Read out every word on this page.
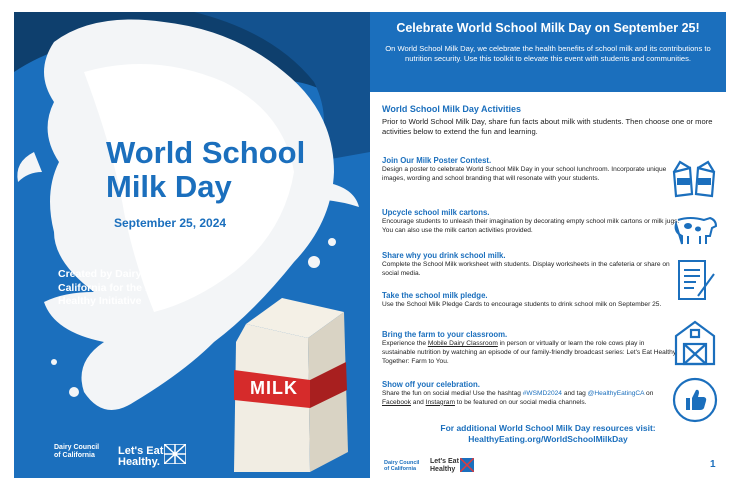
World School
Milk Day
September 25, 2024
Created by Dairy Council of California for the Let's Eat Healthy Initiative
MILK
Dairy Council of California	Let's Eat
Healthy.
Celebrate World School Milk Day on September 25!

On World School Milk Day, we celebrate the health benefits of school milk and its contributions to nutrition security. Use this toolkit to elevate this event with students and communities.

World School Milk Day Activities
Prior to World School Milk Day, share fun facts about milk with students. Then choose one or more activities below to extend the fun and learning.
Join Our Milk Poster Contest.
Design a poster to celebrate World School Milk Day in your school lunchroom. Incorporate unique images, wording and school branding that will resonate with your students.
Upcycle school milk cartons.
Encourage students to unleash their imagination by decorating empty school milk cartons or milk jugs. You can also use the milk carton activities provided.
Share why you drink school milk.
Complete the School Milk worksheet with students. Display worksheets in the cafeteria or share on social media.
Take the school milk pledge.
Use the School Milk Pledge Cards to encourage students to drink school milk on September 25.
Bring the farm to your classroom.
Experience the Mobile Dairy Classroom in person or virtually or learn the role cows play in sustainable nutrition by watching an episode of our family-friendly broadcast series: Let's Eat Healthy Together: Farm to You.
Show off your celebration.
Share the fun on social media! Use the hashtag #WSMD2024 and tag @HealthyEatingCA on Facebook and Instagram to be featured on our social media channels.
For additional World School Milk Day resources visit:
HealthyEating.org/WorldSchoolMilkDay
Dairy Council of California
Let's Eat
Healthy	1
